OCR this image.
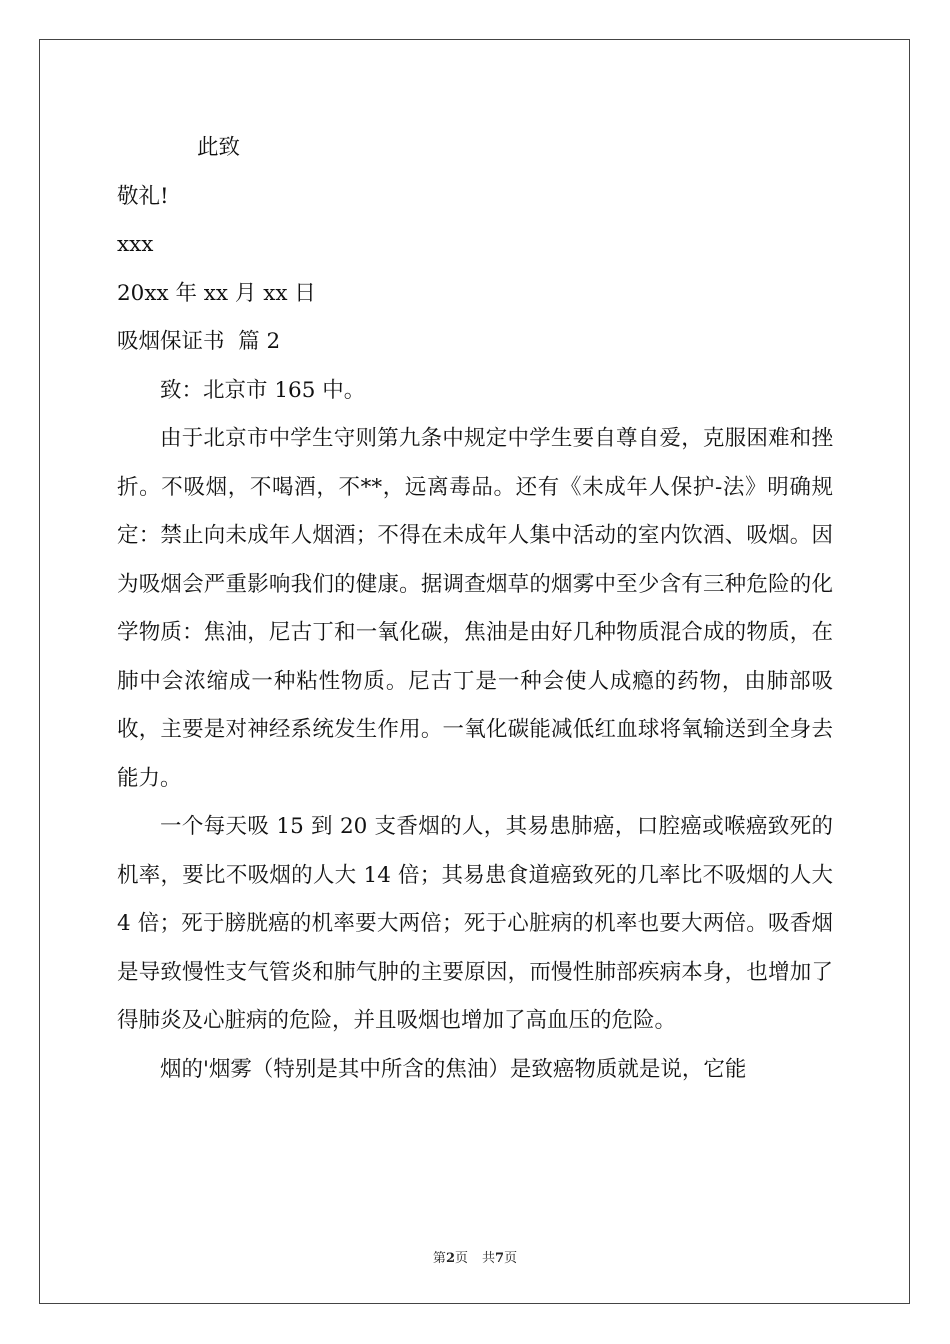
此致

敬礼!

xxx

20xx 年 xx 月 xx 日

吸烟保证书  篇 2

致：北京市 165 中。

由于北京市中学生守则第九条中规定中学生要自尊自爱，克服困难和挫折。不吸烟，不喝酒，不**，远离毒品。还有《未成年人保护-法》明确规定：禁止向未成年人烟酒；不得在未成年人集中活动的室内饮酒、吸烟。因为吸烟会严重影响我们的健康。据调查烟草的烟雾中至少含有三种危险的化学物质：焦油，尼古丁和一氧化碳，焦油是由好几种物质混合成的物质，在肺中会浓缩成一种粘性物质。尼古丁是一种会使人成瘾的药物，由肺部吸收，主要是对神经系统发生作用。一氧化碳能减低红血球将氧输送到全身去能力。

一个每天吸 15 到 20 支香烟的人，其易患肺癌，口腔癌或喉癌致死的机率，要比不吸烟的人大 14 倍；其易患食道癌致死的几率比不吸烟的人大 4 倍；死于膀胱癌的机率要大两倍；死于心脏病的机率也要大两倍。吸香烟是导致慢性支气管炎和肺气肿的主要原因，而慢性肺部疾病本身，也增加了得肺炎及心脏病的危险，并且吸烟也增加了高血压的危险。

烟的'烟雾（特别是其中所含的焦油）是致癌物质就是说，它能

第2页 共7页
